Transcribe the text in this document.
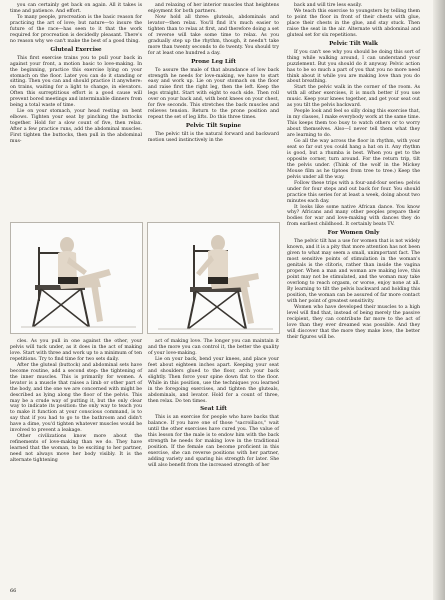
you can certainly get back on again. All it takes is time and patience. And effort.

To many people, procreation is the basic reason for practicing the art of love; but nature—to insure the future of the race—has seen to it that the work required for procreation is decidedly pleasant. There's no reason why we can't make the best of a good thing.

Gluteal Exercise

This first exercise trains you to pull your back in against your front, a motion basic to love-making. In the beginning, practice this exercise lying on your stomach on the floor. Later you can do it standing or sitting. Then you can and should practice it anywhere: on trains, waiting for a light to change, in elevators. Often this surreptitious effort is a good cause will prevent bored meetings and interminable dinners from being a total waste of time.

Lie on your stomach, your head resting on bent elbows. Tighten your seat by pinching the buttocks together. Hold for a slow count of five, then relax. After a few practice runs, add the abdominal muscles. First tighten the buttocks, then pull in the abdominal mus-

and relaxing of her interior muscles that heightens enjoyment for both partners.

Now hold all three: gluteals, abdominals and levator—then relax. You'll find it's much easier to tighten than to relax at first, and therefore doing a set of reverse will take some time to relax. As you gradually step up the rhythm, though, it needn't take more than twenty seconds to do twenty. You should try for at least one hundred a day.

Prone Leg Lift

To assure the male of that abundance of low back strength he needs for love-making, we have to start easy and work up. Lie on your stomach on the floor and raise first the right leg, then the left. Keep the legs straight. Start with eight to each side. Then roll over on your back and, with bent knees on your chest, for five seconds. This stretches the back muscles and relieves tension. Return to the prone position and repeat the set of leg lifts. Do this three times.

Pelvic Tilt Supine

The pelvic tilt is the natural forward and backward motion used instinctively in the

back and will tire less easily.

We teach this exercise to youngsters by telling them to point the floor in front of their chests with glue, place their chests in the glue, and stay stuck. Then raise the seat in the air. Alternate with abdominal and gluteal set for six repetitions.

Pelvic Tilt Walk

If you can't see why you should be doing this sort of thing while walking around, I can understand your puzzlement. But you should do it anyway. Pelvic action has to be so much a part of you that you no more need think about it while you are making love than you do about breathing.

Start the pelvic walk in the corner of the room. As with all other exercises, it is much better if you use music. Keep your knees together, and get your seat out as you tilt the pelvis backward.

People look and feel so silly doing this exercise that, in my classes, I make everybody work at the same time. This keeps them too busy to watch others or to worry about themselves. Also—I never tell them what they are learning to do.

Go all the way across the floor in rhythm, with your seat so far out you could hang a hat on it. Any rhythm is good, but a rhumba is best. When you get to the opposite corner, turn around. For the return trip, tilt the pelvis under. (Think of the wolf in the Mickey Mouse film as he tiptoes from tree to tree.) Keep the pelvis under all the way.

Follow these trips with a four-and-four series: pelvis under for four steps and out back for four. You should practice this series for at least a week, doing about two minutes each day.

It looks like some native African dance. You know why? Africans and many other peoples prepare their bodies for war and love-making with dances they do from earliest childhood. It certainly beats TV.

For Women Only

The pelvic tilt has a use for women that is not widely known, and it is a pity that more attention has not been given to what may seem a small, unimportant fact. The most sensitive points of stimulation in the woman's genitals is the clitoris, rather than inside the vagina proper. When a man and woman are making love, this point may not be stimulated, and the woman may take overlong to reach orgasm, or worse, enjoy none at all. By learning to tilt the pelvis backward and holding this position, the woman can be assured of far more contact with her point of greatest sensitivity.

Women who have developed their muscles to a high level will find that, instead of being merely the passive recipient, they can contribute far more to the act of love than they ever dreamed was possible. And they will discover that the more they make love, the better their figures will be.

cles. As you pull in one against the other, your pelvis will tuck under, as it does in the act of making love. Start with three and work up to a minimum of ten repetitions. Try to find time for two sets daily.

After the gluteal (buttock) and abdominal sets have become routine, add a second step: the tightening of the inner muscles. This is primarily for women. A levator is a muscle that raises a limb or other part of the body, and the one we are concerned with might be described as lying along the floor of the pelvis. This may be a crude way of putting it, but the only clear way to indicate its position: the only way to teach you to make it function at your conscious command, is to say that if you had to go to the bathroom and didn't have a dime, you'd tighten whatever muscles would be involved to prevent a leakage.

Other civilizations know more about the refinements of love-making than we do. They have learned that the woman, to be exciting to her partner, need not always move her body visibly. It is the alternate tightening

act of making love. The longer you can maintain it and the more you can control it, the better the quality of your love-making.

Lie on your back, bend your knees, and place your feet about eighteen inches apart. Keeping your seat and shoulders glued to the floor, arch your back slightly. Then force your spine down flat to the floor. While in this position, use the techniques you learned in the foregoing exercises, and tighten the gluteals, abdominals, and levator. Hold for a count of three, then relax. Do ten times.

Seat Lift

This is an exercise for people who have backs that balance. If you have one of those "sacroiliacs," wait until the other exercises have cured you. The value of this lesson for the male is to endow him with the back strength he needs for making love in the traditional position. If the female can become proficient in this exercise, she can reverse positions with her partner, adding variety and sparing his strength for later. She will also benefit from the increased strength of her

66
